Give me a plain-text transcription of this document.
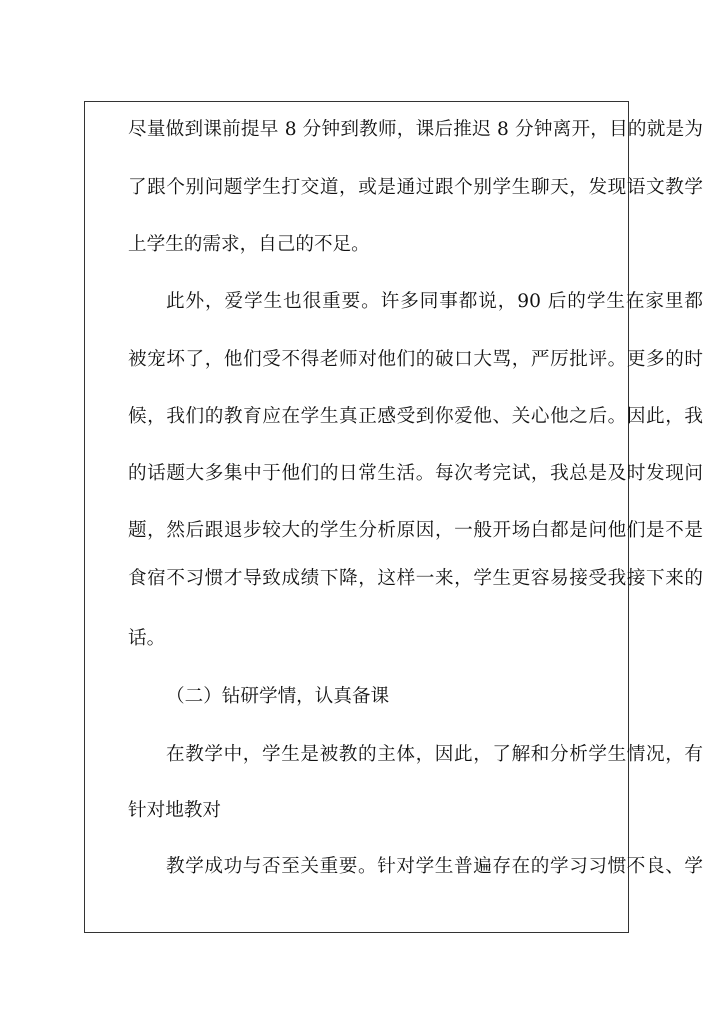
尽量做到课前提早 8 分钟到教师，课后推迟 8 分钟离开，目的就是为
了跟个别问题学生打交道，或是通过跟个别学生聊天，发现语文教学
上学生的需求，自己的不足。
此外，爱学生也很重要。许多同事都说，90 后的学生在家里都
被宠坏了，他们受不得老师对他们的破口大骂，严厉批评。更多的时
候，我们的教育应在学生真正感受到你爱他、关心他之后。因此，我
的话题大多集中于他们的日常生活。每次考完试，我总是及时发现问
题，然后跟退步较大的学生分析原因，一般开场白都是问他们是不是
食宿不习惯才导致成绩下降，这样一来，学生更容易接受我接下来的
话。
（二）钻研学情，认真备课
在教学中，学生是被教的主体，因此，了解和分析学生情况，有
针对地教对
教学成功与否至关重要。针对学生普遍存在的学习习惯不良、学
